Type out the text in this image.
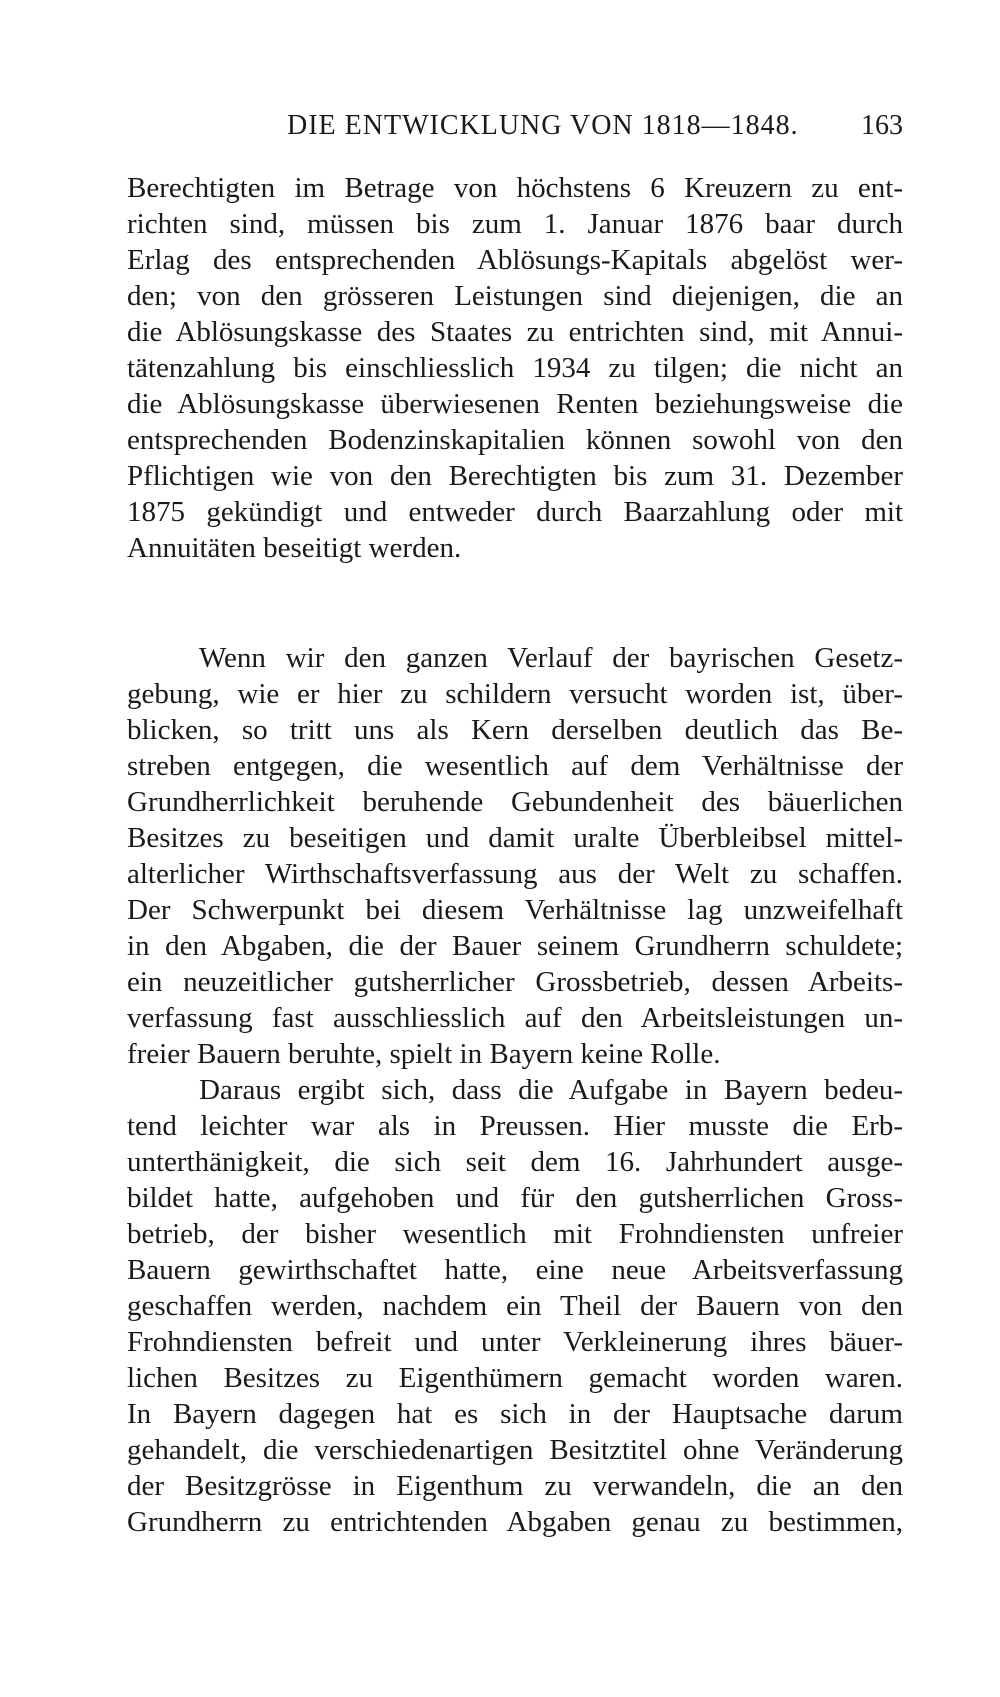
DIE ENTWICKLUNG VON 1818—1848. 163
Berechtigten im Betrage von höchstens 6 Kreuzern zu ent-
richten sind, müssen bis zum 1. Januar 1876 baar durch
Erlag des entsprechenden Ablösungs-Kapitals abgelöst wer-
den; von den grösseren Leistungen sind diejenigen, die an
die Ablösungskasse des Staates zu entrichten sind, mit Annui-
tätenzahlung bis einschliesslich 1934 zu tilgen; die nicht an
die Ablösungskasse überwiesenen Renten beziehungsweise die
entsprechenden Bodenzinskapitalien können sowohl von den
Pflichtigen wie von den Berechtigten bis zum 31. Dezember
1875 gekündigt und entweder durch Baarzahlung oder mit
Annuitäten beseitigt werden.
Wenn wir den ganzen Verlauf der bayrischen Gesetz-
gebung, wie er hier zu schildern versucht worden ist, über-
blicken, so tritt uns als Kern derselben deutlich das Be-
streben entgegen, die wesentlich auf dem Verhältnisse der
Grundherrlichkeit beruhende Gebundenheit des bäuerlichen
Besitzes zu beseitigen und damit uralte Überbleibsel mittel-
alterlicher Wirthschaftsverfassung aus der Welt zu schaffen.
Der Schwerpunkt bei diesem Verhältnisse lag unzweifelhaft
in den Abgaben, die der Bauer seinem Grundherrn schuldete;
ein neuzeitlicher gutsherrlicher Grossbetrieb, dessen Arbeits-
verfassung fast ausschliesslich auf den Arbeitsleistungen un-
freier Bauern beruhte, spielt in Bayern keine Rolle.
Daraus ergibt sich, dass die Aufgabe in Bayern bedeu-
tend leichter war als in Preussen. Hier musste die Erb-
unterthänigkeit, die sich seit dem 16. Jahrhundert ausge-
bildet hatte, aufgehoben und für den gutsherrlichen Gross-
betrieb, der bisher wesentlich mit Frohndiensten unfreier
Bauern gewirthschaftet hatte, eine neue Arbeitsverfassung
geschaffen werden, nachdem ein Theil der Bauern von den
Frohndiensten befreit und unter Verkleinerung ihres bäuer-
lichen Besitzes zu Eigenthümern gemacht worden waren.
In Bayern dagegen hat es sich in der Hauptsache darum
gehandelt, die verschiedenartigen Besitztitel ohne Veränderung
der Besitzgrösse in Eigenthum zu verwandeln, die an den
Grundherrn zu entrichtenden Abgaben genau zu bestimmen,
